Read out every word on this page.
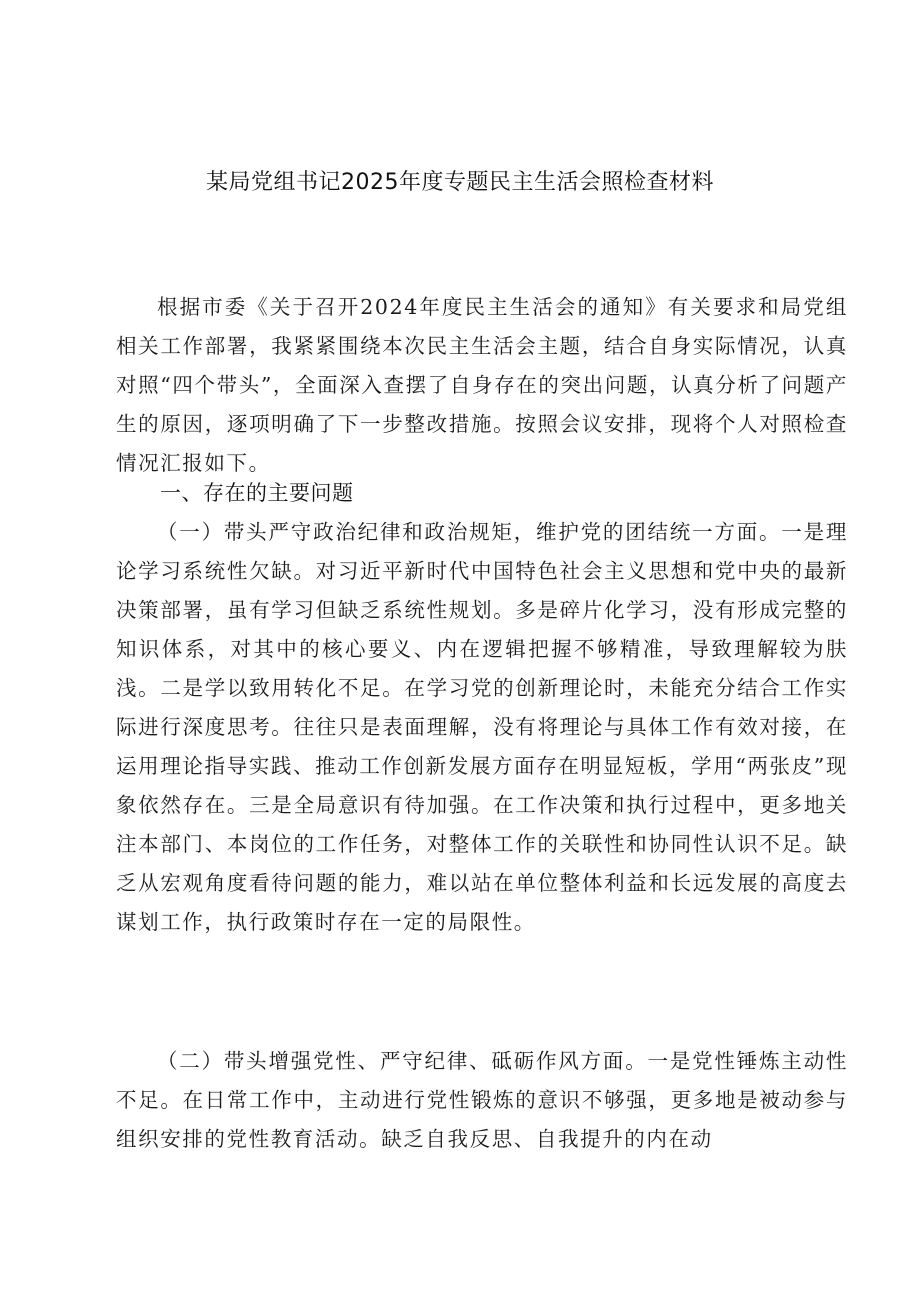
某局党组书记2025年度专题民主生活会照检查材料
根据市委《关于召开2024年度民主生活会的通知》有关要求和局党组相关工作部署，我紧紧围绕本次民主生活会主题，结合自身实际情况，认真对照“四个带头”，全面深入查摆了自身存在的突出问题，认真分析了问题产生的原因，逐项明确了下一步整改措施。按照会议安排，现将个人对照检查情况汇报如下。
一、存在的主要问题
（一）带头严守政治纪律和政治规矩，维护党的团结统一方面。一是理论学习系统性欠缺。对习近平新时代中国特色社会主义思想和党中央的最新决策部署，虽有学习但缺乏系统性规划。多是碎片化学习，没有形成完整的知识体系，对其中的核心要义、内在逻辑把握不够精准，导致理解较为肤浅。二是学以致用转化不足。在学习党的创新理论时，未能充分结合工作实际进行深度思考。往往只是表面理解，没有将理论与具体工作有效对接，在运用理论指导实践、推动工作创新发展方面存在明显短板，学用“两张皮”现象依然存在。三是全局意识有待加强。在工作决策和执行过程中，更多地关注本部门、本岗位的工作任务，对整体工作的关联性和协同性认识不足。缺乏从宏观角度看待问题的能力，难以站在单位整体利益和长远发展的高度去谋划工作，执行政策时存在一定的局限性。
（二）带头增强党性、严守纪律、砥砺作风方面。一是党性锤炼主动性不足。在日常工作中，主动进行党性锻炼的意识不够强，更多地是被动参与组织安排的党性教育活动。缺乏自我反思、自我提升的内在动
